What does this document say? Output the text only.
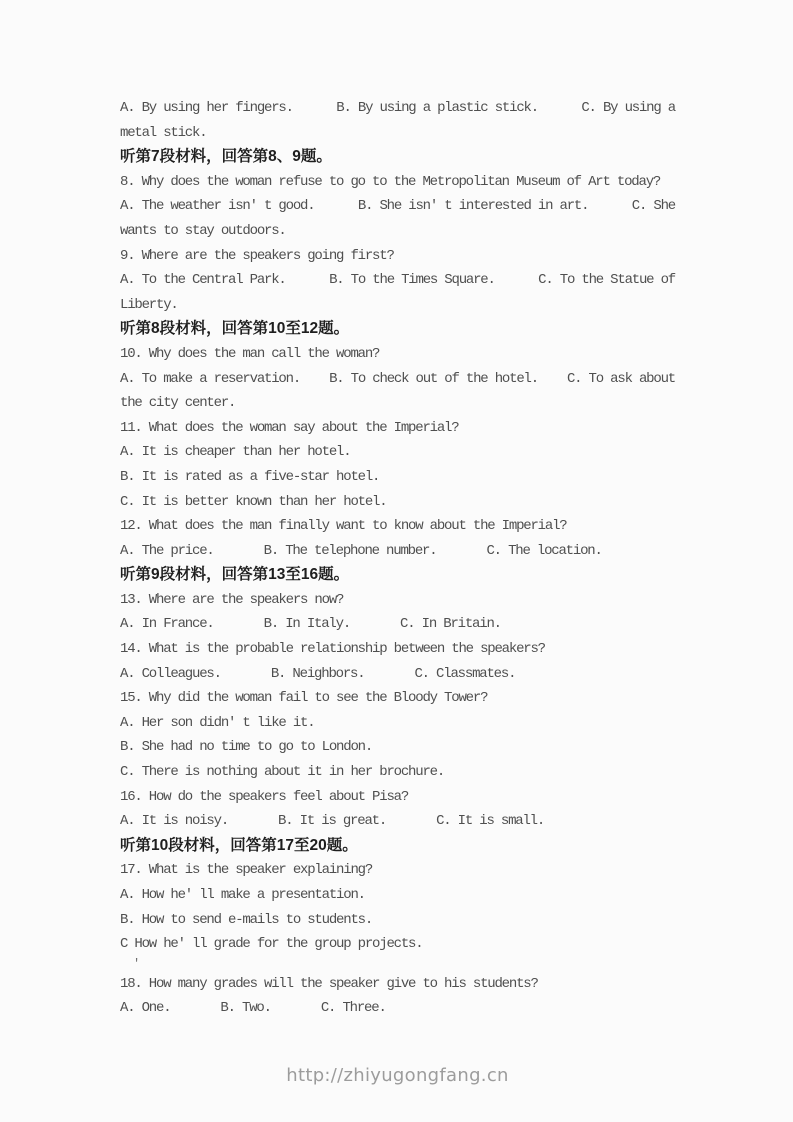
A. By using her fingers.	B. By using a plastic stick.	C. By using a
metal stick.
听第7段材料，回答第8、9题。
8. Why does the woman refuse to go to the Metropolitan Museum of Art today?
A. The weather isn' t good.	B. She isn' t interested in art.	C. She
wants to stay outdoors.
9. Where are the speakers going first?
A. To the Central Park.	B. To the Times Square.	C. To the Statue of
Liberty.
听第8段材料，回答第10至12题。
10. Why does the man call the woman?
A. To make a reservation. B. To check out of the hotel. C. To ask about
the city center.
11. What does the woman say about the Imperial?
A. It is cheaper than her hotel.
B. It is rated as a five-star hotel.
C. It is better known than her hotel.
12. What does the man finally want to know about the Imperial?
A. The price.	B. The telephone number.	C. The location.
听第9段材料，回答第13至16题。
13. Where are the speakers now?
A. In France.	B. In Italy.	C. In Britain.
14. What is the probable relationship between the speakers?
A. Colleagues.	B. Neighbors.	C. Classmates.
15. Why did the woman fail to see the Bloody Tower?
A. Her son didn' t like it.
B. She had no time to go to London.
C. There is nothing about it in her brochure.
16. How do the speakers feel about Pisa?
A. It is noisy.	B. It is great.	C. It is small.
听第10段材料，回答第17至20题。
17. What is the speaker explaining?
A. How he' ll make a presentation.
B. How to send e-mails to students.
C How he' ll grade for the group projects.
'
18. How many grades will the speaker give to his students?
A. One.	B. Two.	C. Three.
http://zhiyugongfang.cn
